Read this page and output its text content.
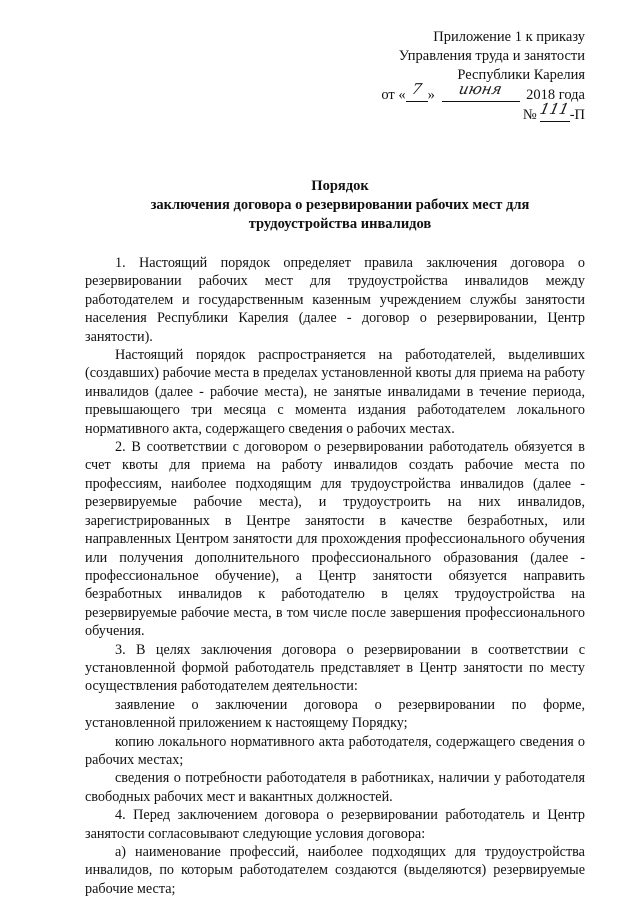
Приложение 1 к приказу
Управления труда и занятости
Республики Карелия
от « 7 » июня 2018 года
№ 111-П
Порядок
заключения договора о резервировании рабочих мест для
трудоустройства инвалидов

1. Настоящий порядок определяет правила заключения договора о резервировании рабочих мест для трудоустройства инвалидов между работодателем и государственным казенным учреждением службы занятости населения Республики Карелия (далее - договор о резервировании, Центр занятости).

Настоящий порядок распространяется на работодателей, выделивших (создавших) рабочие места в пределах установленной квоты для приема на работу инвалидов (далее - рабочие места), не занятые инвалидами в течение периода, превышающего три месяца с момента издания работодателем локального нормативного акта, содержащего сведения о рабочих местах.

2. В соответствии с договором о резервировании работодатель обязуется в счет квоты для приема на работу инвалидов создать рабочие места по профессиям, наиболее подходящим для трудоустройства инвалидов (далее - резервируемые рабочие места), и трудоустроить на них инвалидов, зарегистрированных в Центре занятости в качестве безработных, или направленных Центром занятости для прохождения профессионального обучения или получения дополнительного профессионального образования (далее - профессиональное обучение), а Центр занятости обязуется направить безработных инвалидов к работодателю в целях трудоустройства на резервируемые рабочие места, в том числе после завершения профессионального обучения.

3. В целях заключения договора о резервировании в соответствии с установленной формой работодатель представляет в Центр занятости по месту осуществления работодателем деятельности:

заявление о заключении договора о резервировании по форме, установленной приложением к настоящему Порядку;

копию локального нормативного акта работодателя, содержащего сведения о рабочих местах;

сведения о потребности работодателя в работниках, наличии у работодателя свободных рабочих мест и вакантных должностей.

4. Перед заключением договора о резервировании работодатель и Центр занятости согласовывают следующие условия договора:

а) наименование профессий, наиболее подходящих для трудоустройства инвалидов, по которым работодателем создаются (выделяются) резервируемые рабочие места;
